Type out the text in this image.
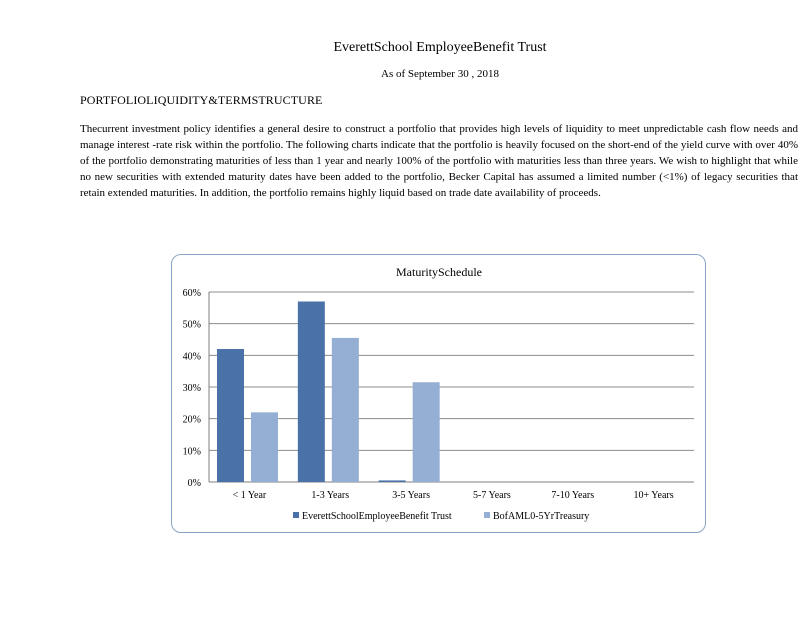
EverettSchool EmployeeBenefit Trust
As of September 30 , 2018
PORTFOLIOLIQUIDITY&TERMSTRUCTURE
Thecurrent investment policy identifies a general desire to construct a portfolio that provides high levels of liquidity to meet unpredictable cash flow needs and manage interest -rate risk within the portfolio. The following charts indicate that the portfolio is heavily focused on the short-end of the yield curve with over 40% of the portfolio demonstrating maturities of less than 1 year and nearly 100% of the portfolio with maturities less than three years. We wish to highlight that while no new securities with extended maturity dates have been added to the portfolio, Becker Capital has assumed a limited number (<1%) of legacy securities that retain extended maturities. In addition, the portfolio remains highly liquid based on trade date availability of proceeds.
MaturitySchedule
0%
10%
20%
30%
40%
50%
60%
< 1 Year	1-3 Years	3-5 Years	5-7 Years	7-10 Years	10+ Years
EverettSchoolEmployeeBenefit Trust	BofAML0-5YrTreasury
